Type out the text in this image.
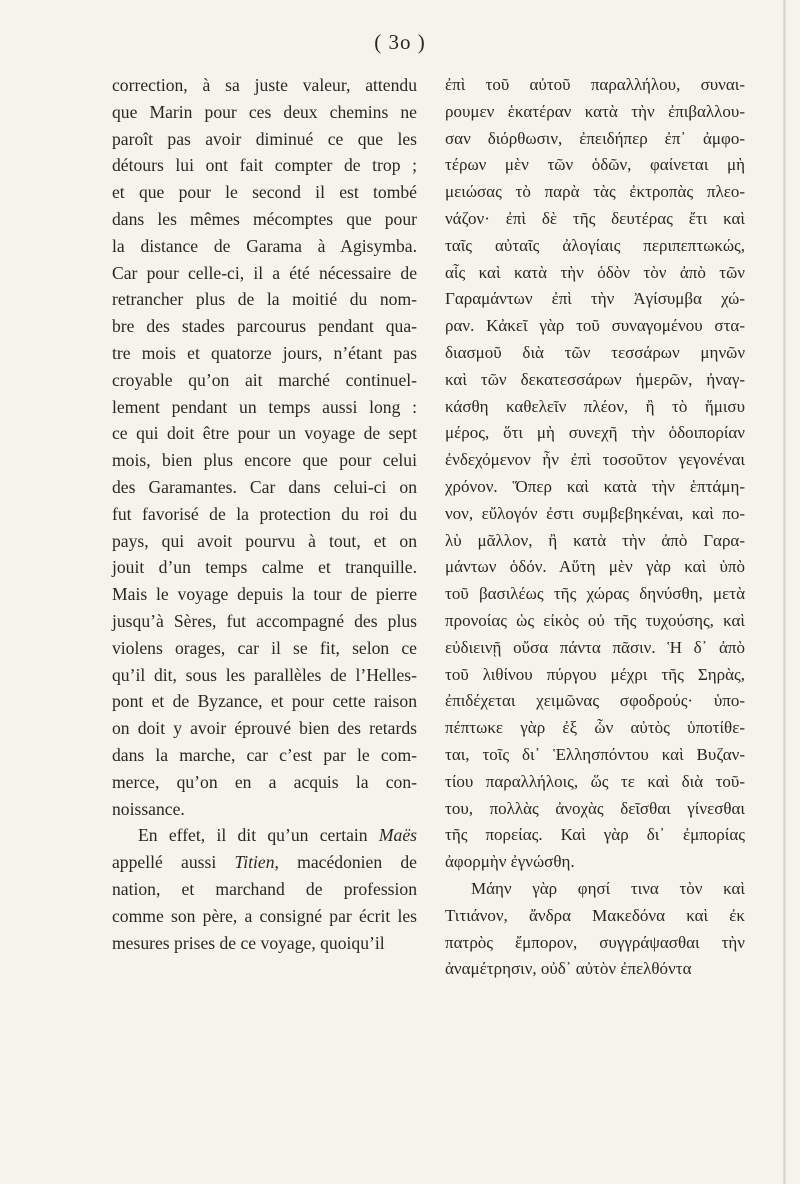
( 3o )
correction, à sa juste valeur, attendu
que Marin pour ces deux chemins ne
paroît pas avoir diminué ce que les
détours lui ont fait compter de trop ;
et que pour le second il est tombé
dans les mêmes mécomptes que pour
la distance de Garama à Agisymba.
Car pour celle-ci, il a été nécessaire de
retrancher plus de la moitié du nom-
bre des stades parcourus pendant qua-
tre mois et quatorze jours, n’étant pas
croyable qu’on ait marché continuel-
lement pendant un temps aussi long :
ce qui doit être pour un voyage de sept
mois, bien plus encore que pour celui
des Garamantes. Car dans celui-ci on
fut favorisé de la protection du roi du
pays, qui avoit pourvu à tout, et on
jouit d’un temps calme et tranquille.
Mais le voyage depuis la tour de pierre
jusqu’à Sères, fut accompagné des plus
violens orages, car il se fit, selon ce
qu’il dit, sous les parallèles de l’Helles-
pont et de Byzance, et pour cette raison
on doit y avoir éprouvé bien des retards
dans la marche, car c’est par le com-
merce, qu’on en a acquis la con-
noissance.
En effet, il dit qu’un certain Maës
appellé aussi Titien, macédonien de
nation, et marchand de profession
comme son père, a consigné par écrit les
mesures prises de ce voyage, quoiqu’il
ἐπὶ τοῦ αὐτοῦ παραλλήλου, συναι-
ρουμεν ἑκατέραν κατὰ τὴν ἐπιβαλλου-
σαν διόρθωσιν, ἐπειδήπερ ἐπ᾽ ἀμφο-
τέρων μὲν τῶν ὁδῶν, φαίνεται μὴ
μειώσας τὸ παρὰ τὰς ἐκτροπὰς πλεο-
νάζον· ἐπὶ δὲ τῆς δευτέρας ἔτι καὶ
ταῖς αὐταῖς ἀλογίαις περιπεπτωκώς,
αἷς καὶ κατὰ τὴν ὁδὸν τὸν ἀπὸ τῶν
Γαραμάντων ἐπὶ τὴν Ἀγίσυμβα χώ-
ραν. Κἀκεῖ γὰρ τοῦ συναγομένου στα-
διασμοῦ διὰ τῶν τεσσάρων μηνῶν
καὶ τῶν δεκατεσσάρων ἡμερῶν, ἠναγ-
κάσθη καθελεῖν πλέον, ἢ τὸ ἥμισυ
μέρος, ὅτι μὴ συνεχῆ τὴν ὁδοιπορίαν
ἐνδεχόμενον ἦν ἐπὶ τοσοῦτον γεγονέναι
χρόνον. Ὅπερ καὶ κατὰ τὴν ἑπτάμη-
νον, εὔλογόν ἐστι συμβεβηκέναι, καὶ πο-
λὺ μᾶλλον, ἢ κατὰ τὴν ἀπὸ Γαρα-
μάντων ὁδόν. Αὕτη μὲν γὰρ καὶ ὑπὸ
τοῦ βασιλέως τῆς χώρας δηνύσθη, μετὰ
προνοίας ὡς εἰκὸς οὐ τῆς τυχούσης, καὶ
εὐδιεινῇ οὔσα πάντα πᾶσιν. Ἡ δ᾽ ἀπὸ
τοῦ λιθίνου πύργου μέχρι τῆς Σηρὰς,
ἐπιδέχεται χειμῶνας σφοδρούς· ὑπο-
πέπτωκε γὰρ ἐξ ὧν αὐτὸς ὑποτίθε-
ται, τοῖς δι᾽ Ἑλλησπόντου καὶ Βυζαν-
τίου παραλλήλοις, ὥς τε καὶ διὰ τοῦ-
του, πολλὰς ἀνοχὰς δεῖσθαι γίνεσθαι
τῆς πορείας. Καὶ γὰρ δι᾽ ἐμπορίας
ἀφορμὴν ἐγνώσθη.
Μάην γὰρ φησί τινα τὸν καὶ
Τιτιάνον, ἄνδρα Μακεδόνα καὶ ἐκ
πατρὸς ἔμπορον, συγγράψασθαι τὴν
ἀναμέτρησιν, οὐδ᾽ αὐτὸν ἐπελθόντα
